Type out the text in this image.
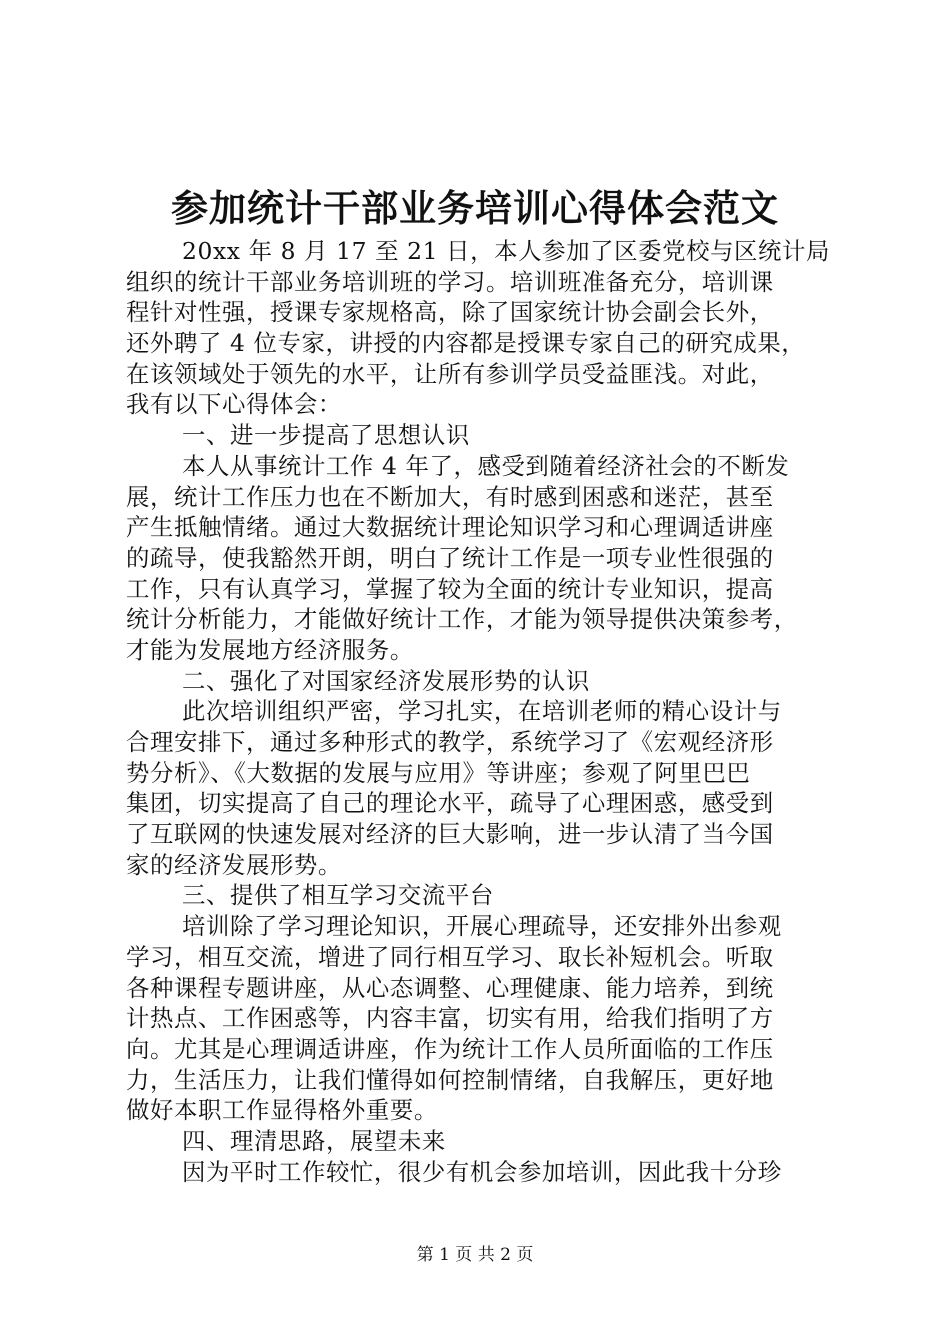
参加统计干部业务培训心得体会范文
20xx 年 8 月 17 至 21 日，本人参加了区委党校与区统计局
组织的统计干部业务培训班的学习。培训班准备充分，培训课
程针对性强，授课专家规格高，除了国家统计协会副会长外，
还外聘了 4 位专家，讲授的内容都是授课专家自己的研究成果，
在该领域处于领先的水平，让所有参训学员受益匪浅。对此，
我有以下心得体会：
一、进一步提高了思想认识
本人从事统计工作 4 年了，感受到随着经济社会的不断发
展，统计工作压力也在不断加大，有时感到困惑和迷茫，甚至
产生抵触情绪。通过大数据统计理论知识学习和心理调适讲座
的疏导，使我豁然开朗，明白了统计工作是一项专业性很强的
工作，只有认真学习，掌握了较为全面的统计专业知识，提高
统计分析能力，才能做好统计工作，才能为领导提供决策参考，
才能为发展地方经济服务。
二、强化了对国家经济发展形势的认识
此次培训组织严密，学习扎实，在培训老师的精心设计与
合理安排下，通过多种形式的教学，系统学习了《宏观经济形
势分析》、《大数据的发展与应用》等讲座；参观了阿里巴巴
集团，切实提高了自己的理论水平，疏导了心理困惑，感受到
了互联网的快速发展对经济的巨大影响，进一步认清了当今国
家的经济发展形势。
三、提供了相互学习交流平台
培训除了学习理论知识，开展心理疏导，还安排外出参观
学习，相互交流，增进了同行相互学习、取长补短机会。听取
各种课程专题讲座，从心态调整、心理健康、能力培养，到统
计热点、工作困惑等，内容丰富，切实有用，给我们指明了方
向。尤其是心理调适讲座，作为统计工作人员所面临的工作压
力，生活压力，让我们懂得如何控制情绪，自我解压，更好地
做好本职工作显得格外重要。
四、理清思路，展望未来
因为平时工作较忙，很少有机会参加培训，因此我十分珍
第 1 页 共 2 页
